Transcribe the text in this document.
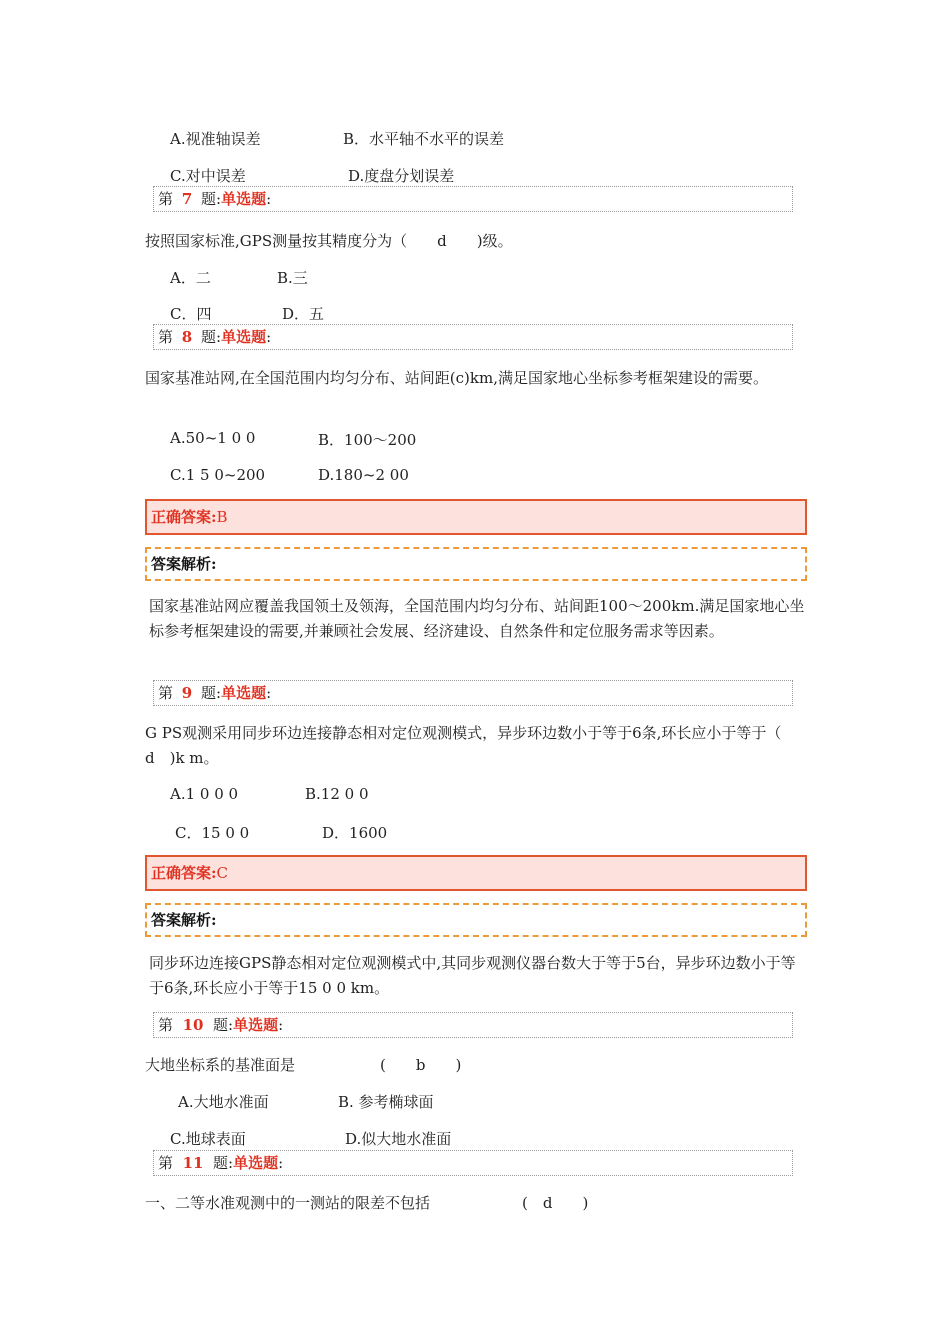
A.视准轴误差	B．水平轴不水平的误差
C.对中误差	D.度盘分划误差
第 7 题:单选题:
按照国家标准,GPS测量按其精度分为（　　d　　)级。
A．二	B.三
C．四	D．五
第 8 题:单选题:
国家基准站网,在全国范围内均匀分布、站间距(c)km,满足国家地心坐标参考框架建设的需要。
A.50~1 0 0	B．100～200
C.1 5 0~200	D.180~2 00
正确答案:B
答案解析:
国家基准站网应覆盖我国领土及领海，全国范围内均匀分布、站间距100～200km.满足国家地心坐标参考框架建设的需要,并兼顾社会发展、经济建设、自然条件和定位服务需求等因素。
第 9 题:单选题:
G PS观测采用同步环边连接静态相对定位观测模式，异步环边数小于等于6条,环长应小于等于（　d　)k m。
A.1 0 0 0	B.12 0 0
C．15 0 0	D．1600
正确答案:C
答案解析:
同步环边连接GPS静态相对定位观测模式中,其同步观测仪器台数大于等于5台，异步环边数小于等于6条,环长应小于等于15 0 0 km。
第 10 题:单选题:
大地坐标系的基准面是	(　　b　　)
A.大地水准面	B. 参考椭球面
C.地球表面	D.似大地水准面
第 11 题:单选题:
一、二等水准观测中的一测站的限差不包括	(　d　　)
